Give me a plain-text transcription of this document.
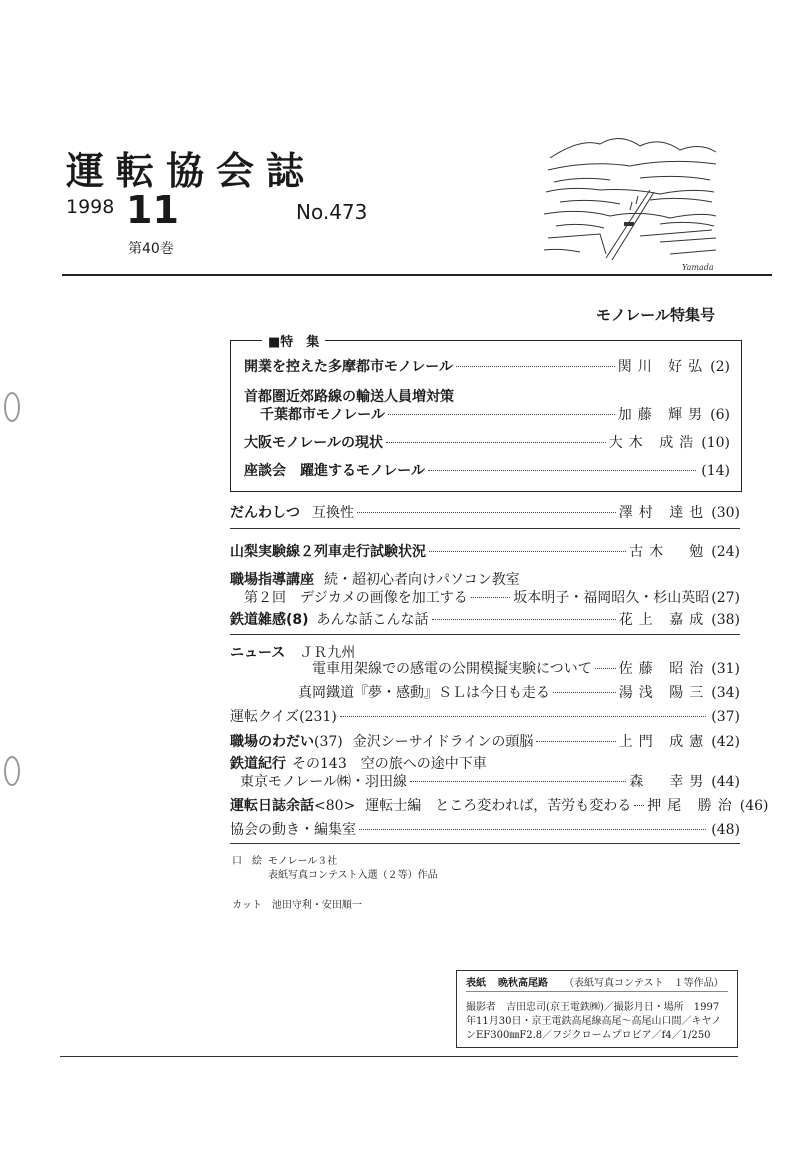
運転協会誌
1998 11
第40巻
No.473
Yamada
モノレール特集号
■特　集
開業を控えた多摩都市モノレール	関川 好弘 (2)
首都圏近郊路線の輸送人員増対策
千葉都市モノレール	加藤 輝男 (6)
大阪モノレールの現状	大木 成浩 (10)
座談会　躍進するモノレール	(14)
だんわしつ 互換性	澤村 達也 (30)
山梨実験線２列車走行試験状況	古木　勉 (24)
職場指導講座 続・超初心者向けパソコン教室
第２回　デジカメの画像を加工する	坂本明子・福岡昭久・杉山英昭 (27)
鉄道雑感(8) あんな話こんな話	花上 嘉成 (38)
ニュース ＪＲ九州
電車用架線での感電の公開模擬実験について 佐藤 昭治 (31)
真岡鐵道『夢・感動』ＳＬは今日も走る	湯浅 陽三 (34)
運転クイズ(231)	(37)
職場のわだい (37) 金沢シーサイドラインの頭脳	上門 成憲 (42)
鉄道紀行 その143　空の旅への途中下車
東京モノレール㈱・羽田線	森　幸男 (44)
運転日誌余話 <80> 運転士編　ところ変われば，苦労も変わる 押尾 勝治 (46)
協会の動き・編集室	(48)
口　絵 モノレール３社
表紙写真コンテスト入選（２等）作品
カット　池田守利・安田順一
表紙 晩秋高尾路 （表紙写真コンテスト　１等作品）
撮影者　吉田忠司(京王電鉄㈱)／撮影月日・場所　1997
年11月30日・京王電鉄高尾線高尾～高尾山口間／キヤノ
ンEF300㎜F2.8／フジクロームプロビア／f4／1/250
